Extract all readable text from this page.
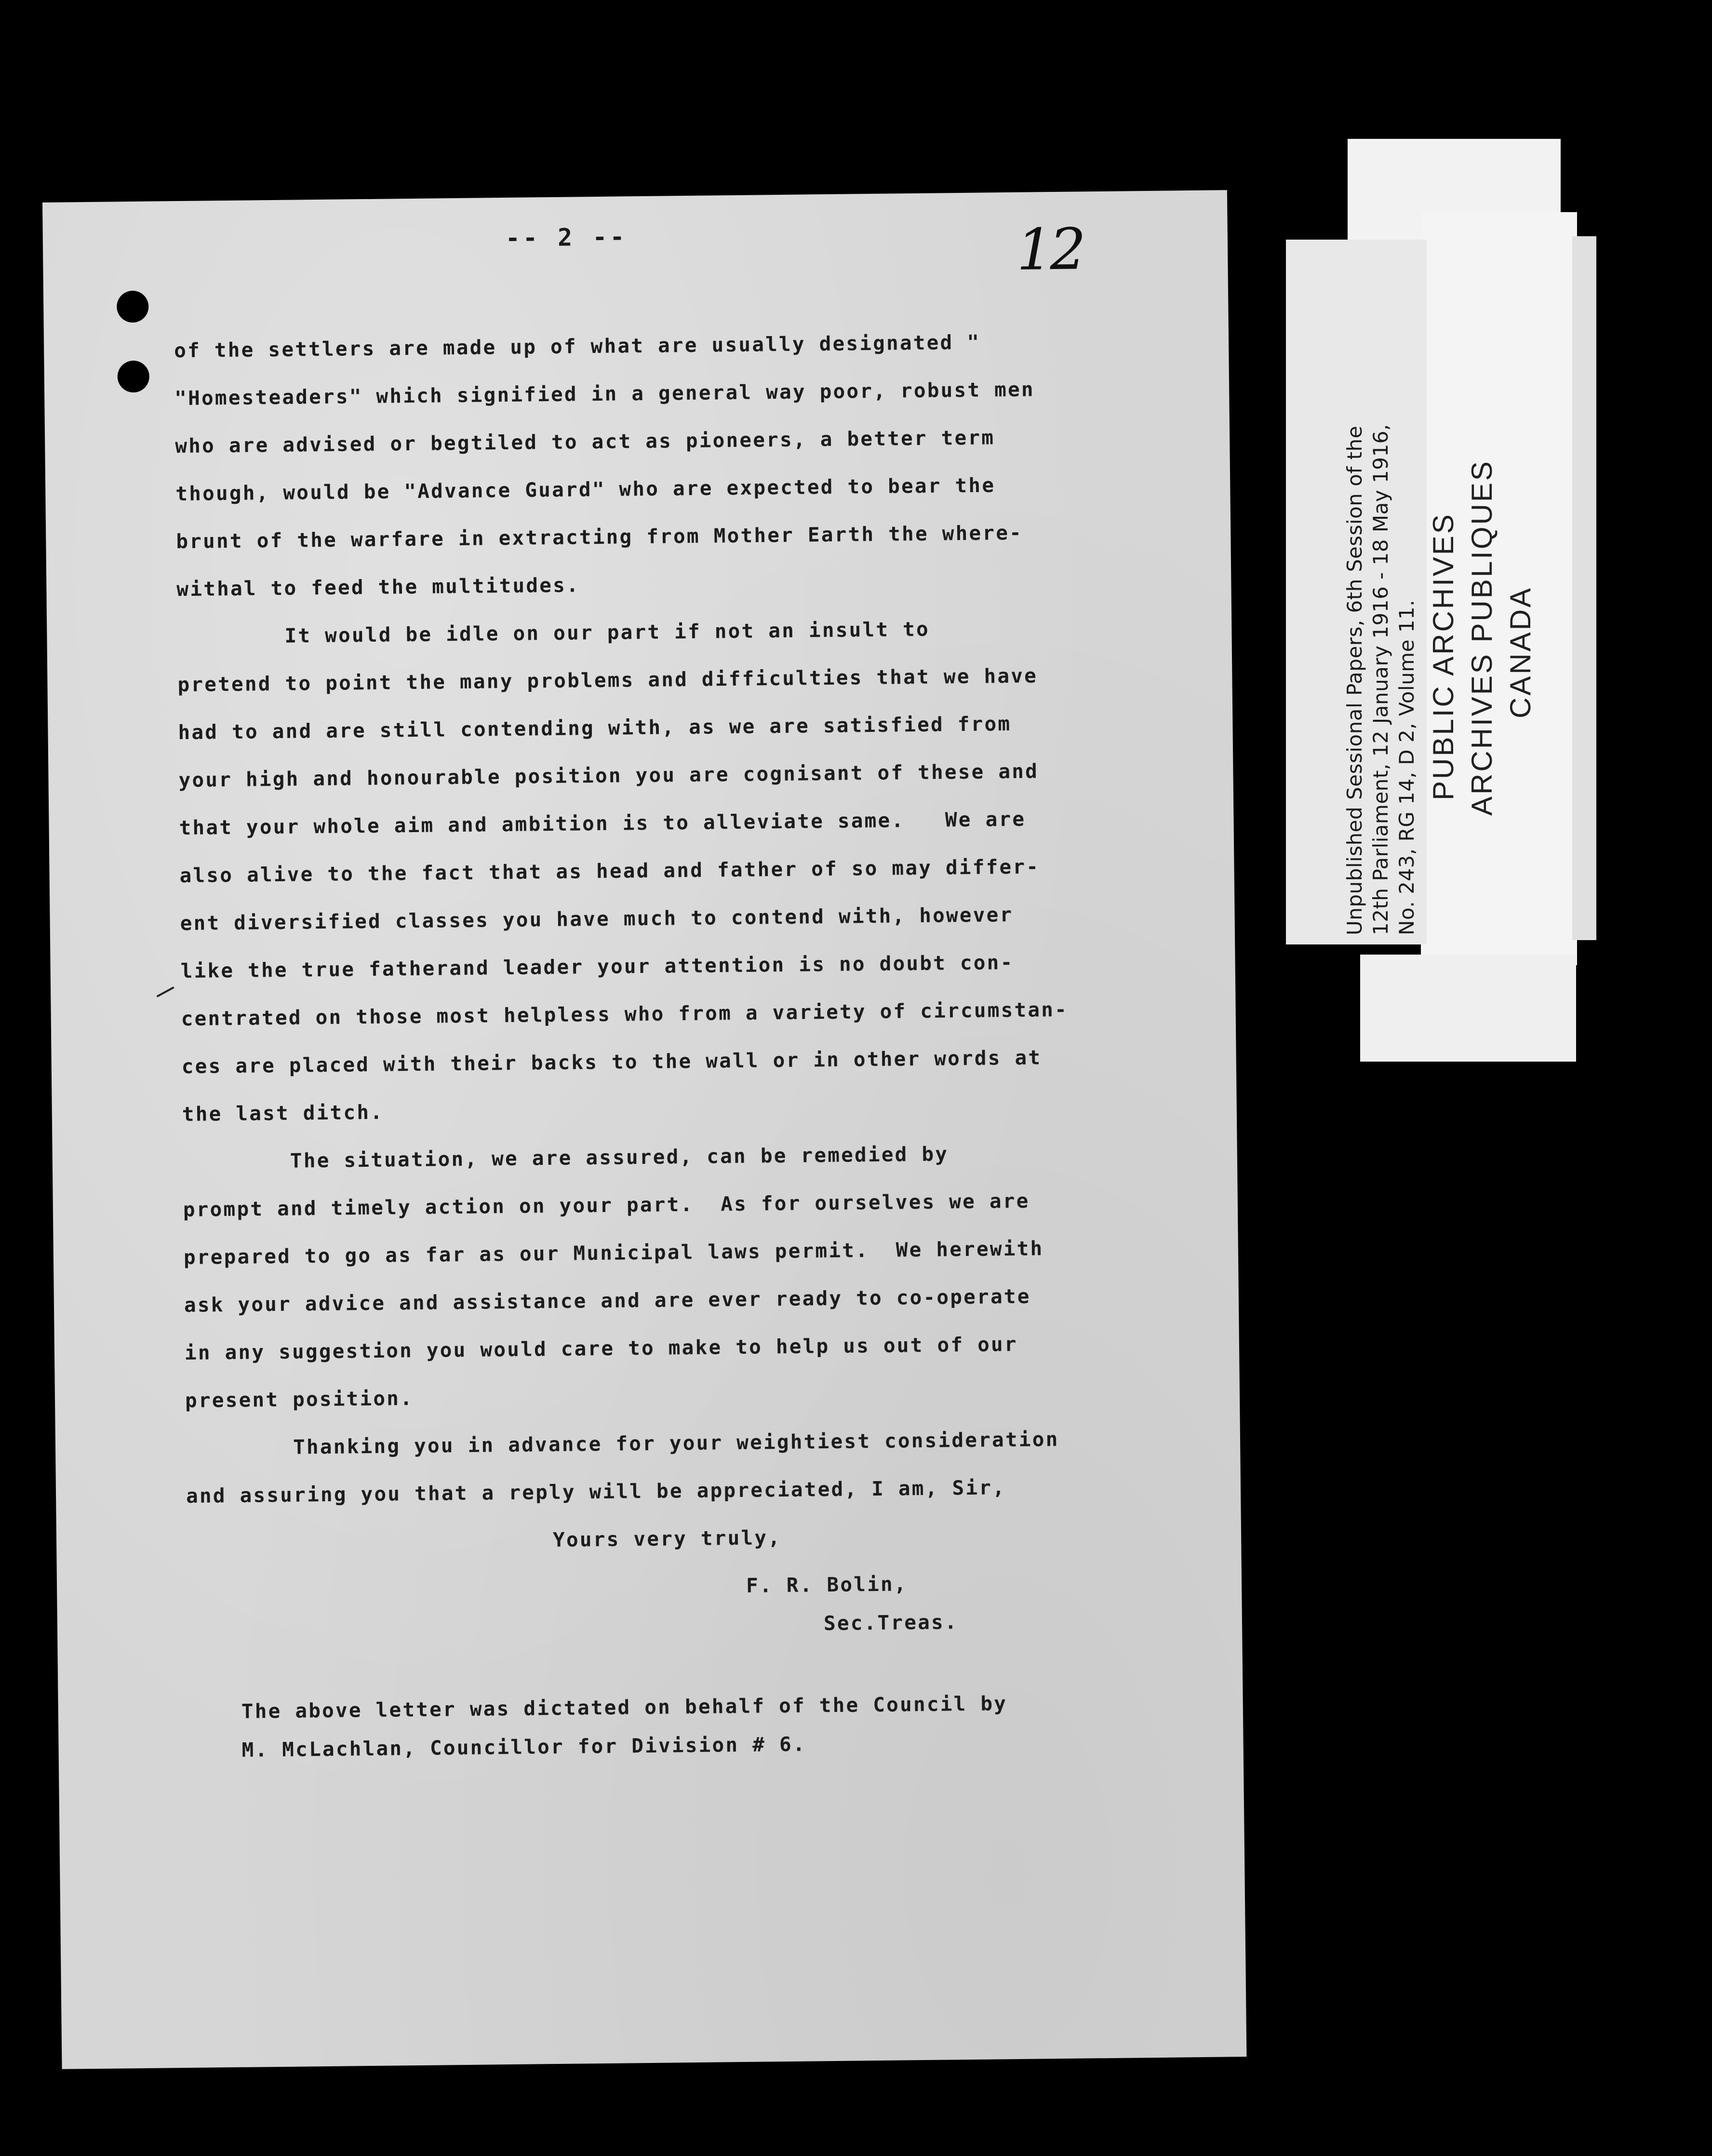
-- 2 --	12
of the settlers are made up of what are usually designated "
"Homesteaders" which signified in a general way poor, robust men
who are advised or begtiled to act as pioneers, a better term
though, would be "Advance Guard" who are expected to bear the
brunt of the warfare in extracting from Mother Earth the where-
withal to feed the multitudes.
It would be idle on our part if not an insult to
pretend to point the many problems and difficulties that we have
had to and are still contending with, as we are satisfied from
your high and honourable position you are cognisant of these and
that your whole aim and ambition is to alleviate same.   We are
also alive to the fact that as head and father of so may differ-
ent diversified classes you have much to contend with, however
like the true fatherand leader your attention is no doubt con-
centrated on those most helpless who from a variety of circumstan-
ces are placed with their backs to the wall or in other words at
the last ditch.
The situation, we are assured, can be remedied by
prompt and timely action on your part.  As for ourselves we are
prepared to go as far as our Municipal laws permit.  We herewith
ask your advice and assistance and are ever ready to co-operate
in any suggestion you would care to make to help us out of our
present position.
Thanking you in advance for your weightiest consideration
and assuring you that a reply will be appreciated, I am, Sir,
Yours very truly,
F. R. Bolin,
Sec.Treas.
The above letter was dictated on behalf of the Council by
M. McLachlan, Councillor for Division # 6.
Unpublished Sessional Papers, 6th Session of the 12th Parliament, 12 January 1916 - 18 May 1916, No. 243, RG 14, D 2, Volume 11. PUBLIC ARCHIVES ARCHIVES PUBLIQUES CANADA
